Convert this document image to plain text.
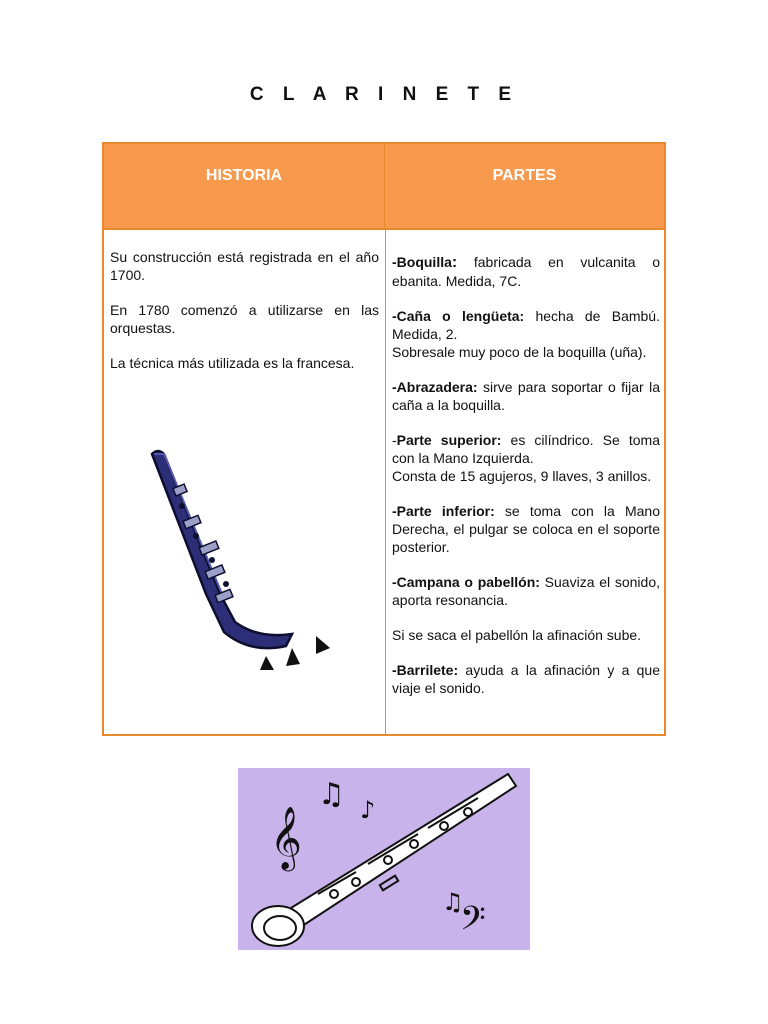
C L A R I N E T E
HISTORIA	PARTES

Su construcción está registrada en el año 1700.

En 1780 comenzó a utilizarse en las orquestas.

La técnica más utilizada es la francesa.

-Boquilla: fabricada en vulcanita o ebanita. Medida, 7C.

-Caña o lengüeta: hecha de Bambú. Medida, 2.
Sobresale muy poco de la boquilla (uña).

-Abrazadera: sirve para soportar o fijar la caña a la boquilla.

-Parte superior: es cilíndrico. Se toma con la Mano Izquierda.
Consta de 15 agujeros, 9 llaves, 3 anillos.

-Parte inferior: se toma con la Mano Derecha, el pulgar se coloca en el soporte posterior.

-Campana o pabellón: Suaviza el sonido, aporta resonancia.

Si se saca el pabellón la afinación sube.

-Barrilete: ayuda a la afinación y a que viaje el sonido.

𝄞
♫ ♪
♫
𝄢
